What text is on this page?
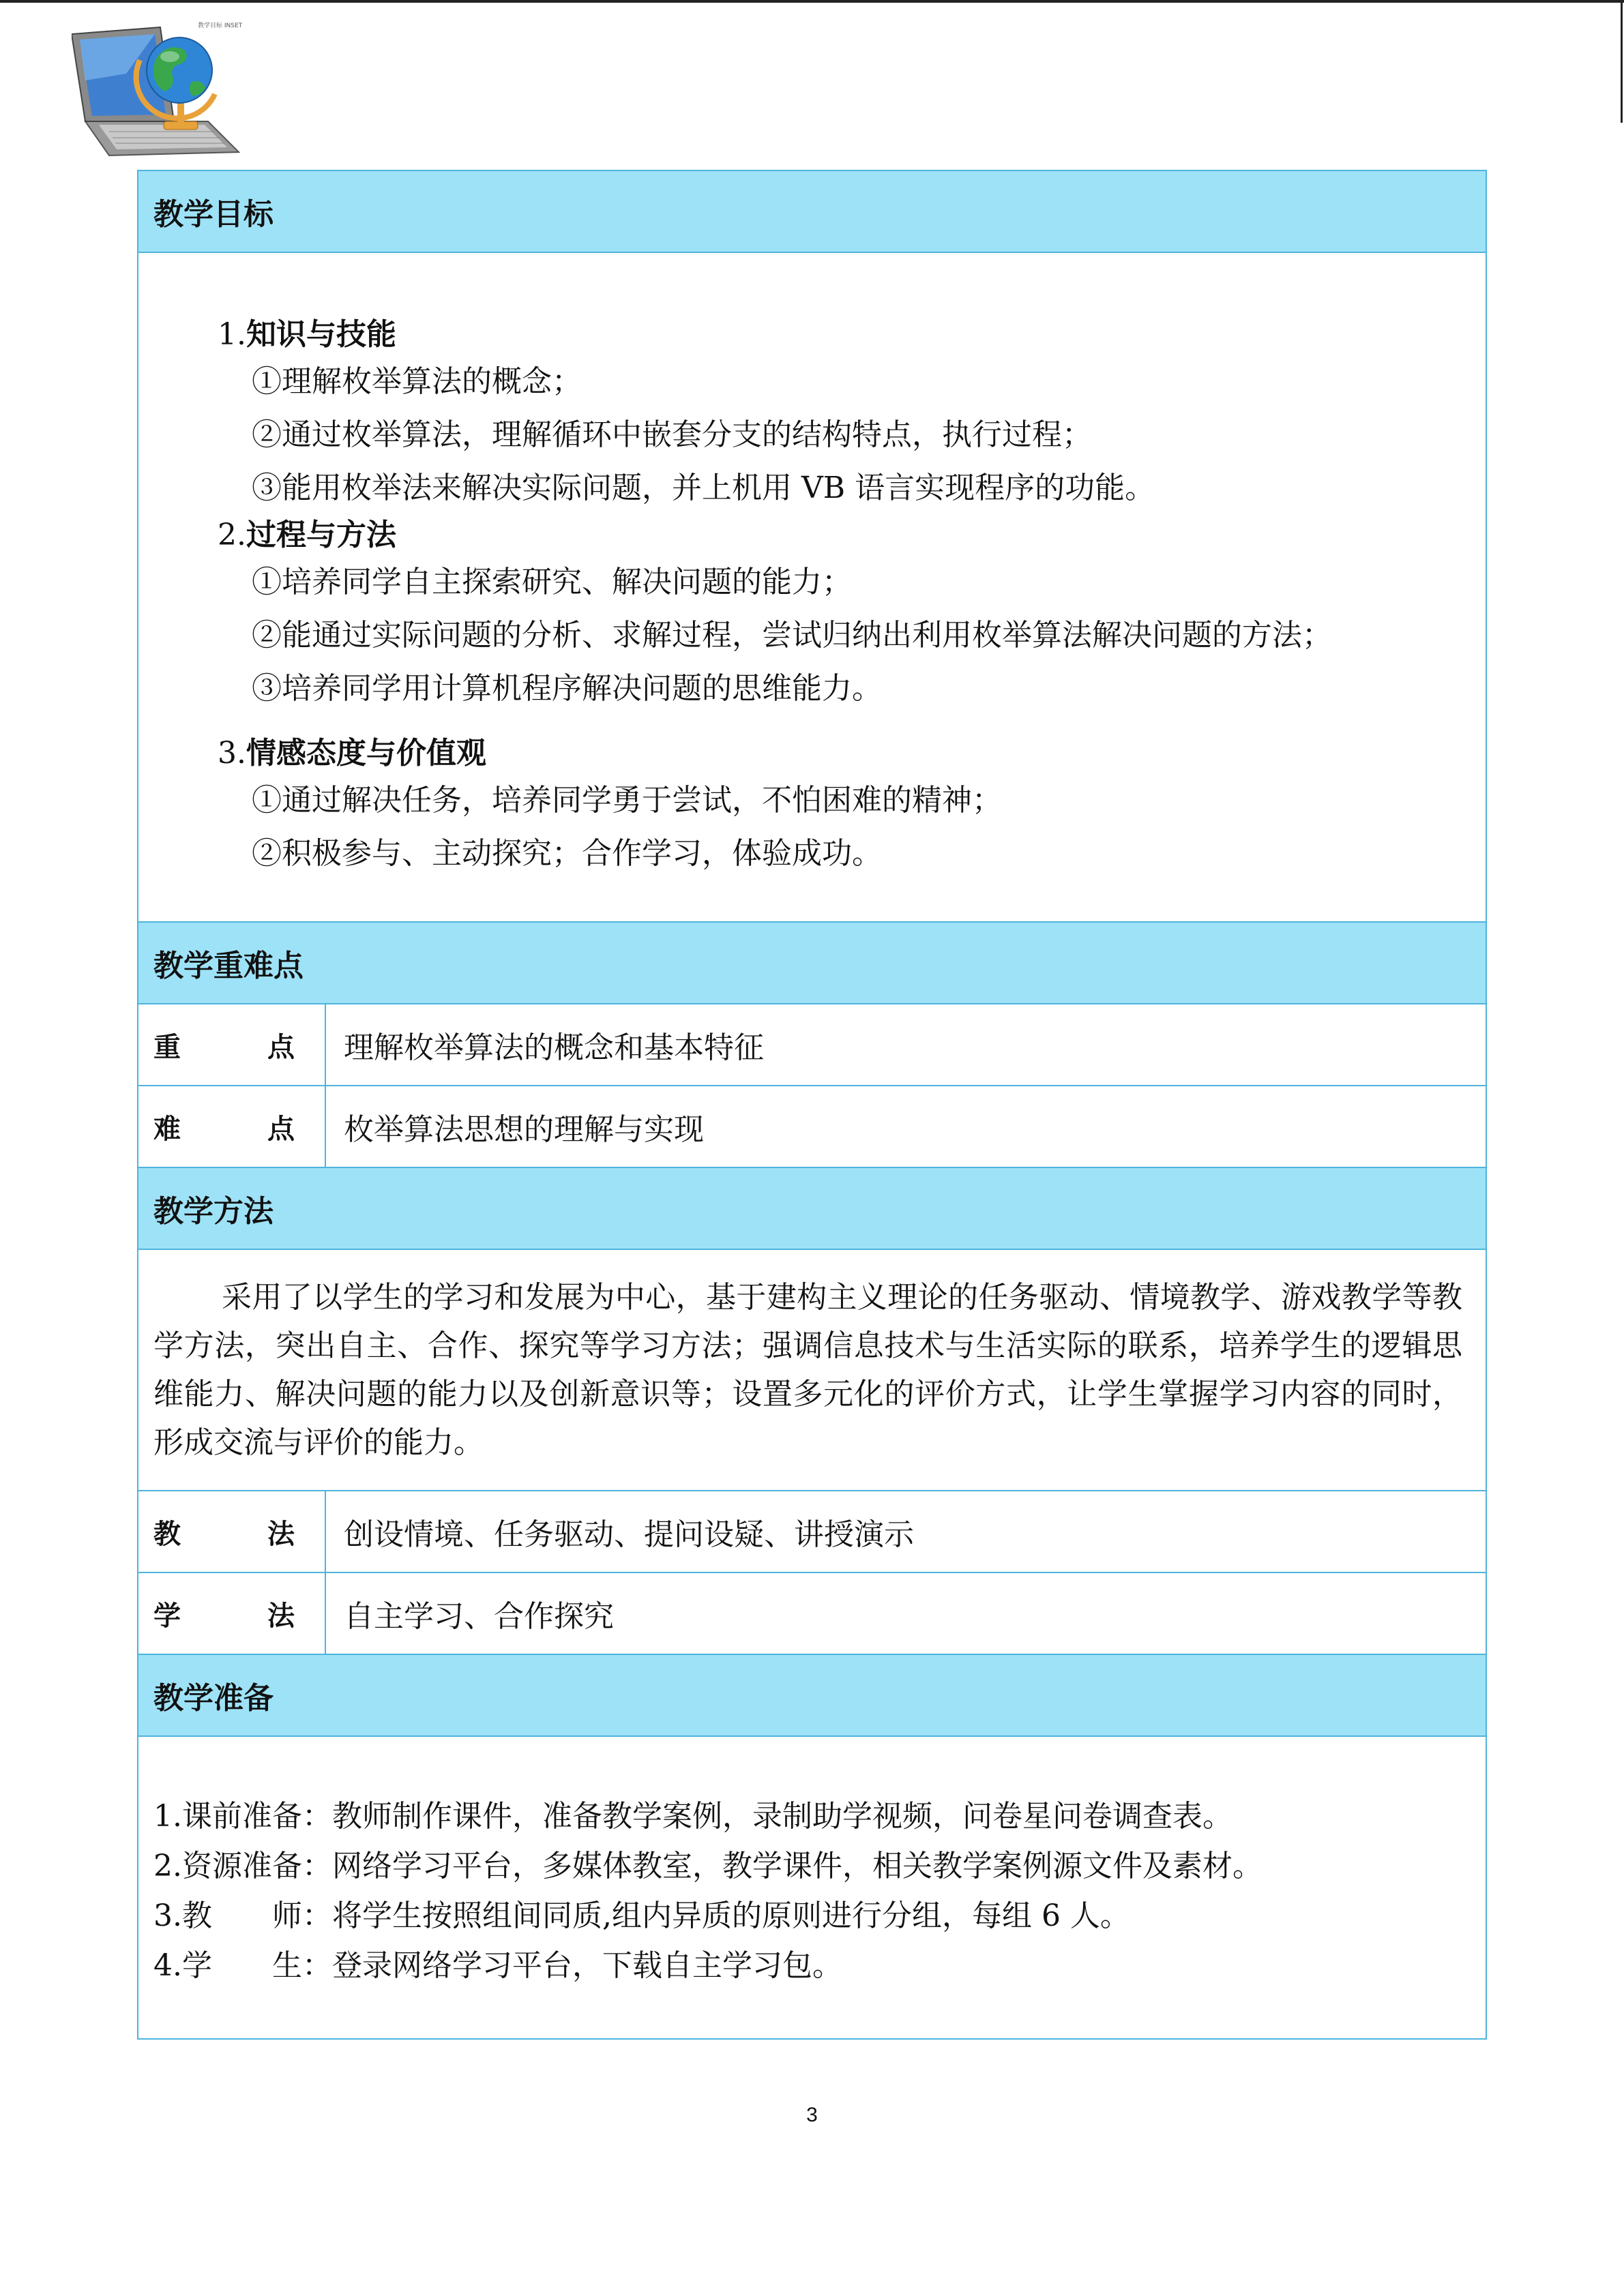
教学目标 INSET
教学目标
1.知识与技能
①理解枚举算法的概念；
②通过枚举算法，理解循环中嵌套分支的结构特点，执行过程；
③能用枚举法来解决实际问题，并上机用 VB 语言实现程序的功能。
2.过程与方法
①培养同学自主探索研究、解决问题的能力；
②能通过实际问题的分析、求解过程，尝试归纳出利用枚举算法解决问题的方法；
③培养同学用计算机程序解决问题的思维能力。
3.情感态度与价值观
①通过解决任务，培养同学勇于尝试，不怕困难的精神；
②积极参与、主动探究；合作学习，体验成功。
教学重难点
重	点	理解枚举算法的概念和基本特征
难	点	枚举算法思想的理解与实现
教学方法
采用了以学生的学习和发展为中心，基于建构主义理论的任务驱动、情境教学、游戏教学等教学方法，突出自主、合作、探究等学习方法；强调信息技术与生活实际的联系，培养学生的逻辑思维能力、解决问题的能力以及创新意识等；设置多元化的评价方式，让学生掌握学习内容的同时，形成交流与评价的能力。
教	法	创设情境、任务驱动、提问设疑、讲授演示
学	法	自主学习、合作探究
教学准备
1.课前准备：教师制作课件，准备教学案例，录制助学视频，问卷星问卷调查表。
2.资源准备：网络学习平台，多媒体教室，教学课件，相关教学案例源文件及素材。
3.教　　师：将学生按照组间同质,组内异质的原则进行分组，每组 6 人。
4.学　　生：登录网络学习平台，下载自主学习包。
3
